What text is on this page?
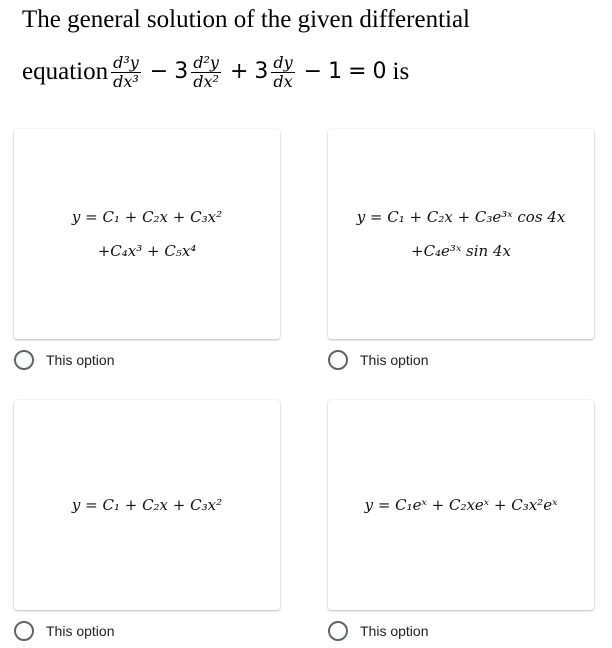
The general solution of the given differential
equation $\frac{\text{d³y}}{\text{dx³}} - 3 \frac{\text{d²y}}{\text{dx²}} + 3 \frac{dy}{dx} - 1 = 0$ is
y = C₁ + C₂x + C₃x²
+C₄x³ + C₅x⁴
This option
y = C₁ + C₂x + C₃e³ˣ cos 4x
+C₄e³ˣ sin 4x
This option
y = C₁ + C₂x + C₃x²
This option
y = C₁eˣ + C₂xeˣ + C₃x²eˣ
This option
